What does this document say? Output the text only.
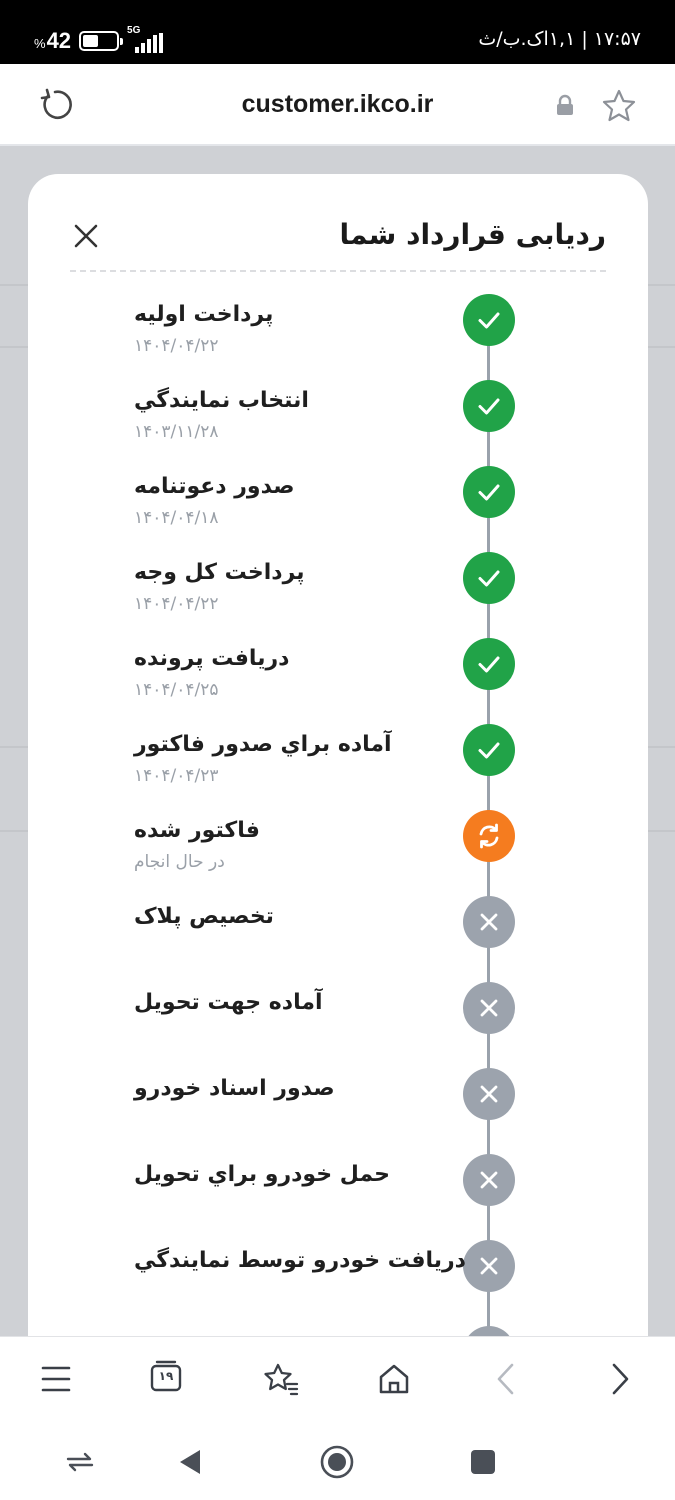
%42	5G	۱۷:۵۷ | ۱,۱اک.ب/ث
customer.ikco.ir
ردیابی قرارداد شما
پرداخت اولیه
۱۴۰۴/۰۴/۲۲
انتخاب نمايندگي
۱۴۰۳/۱۱/۲۸
صدور دعوتنامه
۱۴۰۴/۰۴/۱۸
پرداخت کل وجه
۱۴۰۴/۰۴/۲۲
دریافت پرونده
۱۴۰۴/۰۴/۲۵
آماده براي صدور فاکتور
۱۴۰۴/۰۴/۲۳
فاکتور شده
در حال انجام
تخصیص پلاک
آماده جهت تحویل
صدور اسناد خودرو
حمل خودرو براي تحويل
دریافت خودرو توسط نمايندگي
۱۹
